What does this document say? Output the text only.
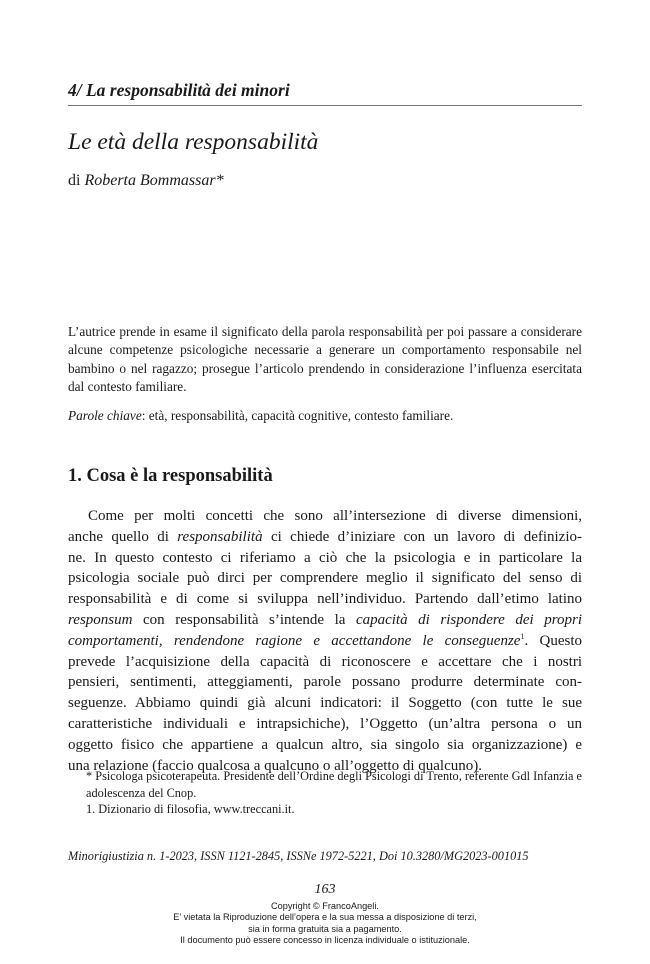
4/ La responsabilità dei minori
Le età della responsabilità
di Roberta Bommassar*
L’autrice prende in esame il significato della parola responsabilità per poi passare a considerare alcune competenze psicologiche necessarie a generare un comportamento responsabile nel bambino o nel ragazzo; prosegue l’articolo prendendo in considerazione l’influenza esercitata dal contesto familiare.
Parole chiave: età, responsabilità, capacità cognitive, contesto familiare.
1. Cosa è la responsabilità
Come per molti concetti che sono all’intersezione di diverse dimensioni,
anche quello di responsabilità ci chiede d’iniziare con un lavoro di definizio-
ne. In questo contesto ci riferiamo a ciò che la psicologia e in particolare la
psicologia sociale può dirci per comprendere meglio il significato del senso di
responsabilità e di come si sviluppa nell’individuo. Partendo dall’etimo latino
responsum con responsabilità s’intende la capacità di rispondere dei propri
comportamenti, rendendone ragione e accettandone le conseguenze$^1$. Questo
prevede l’acquisizione della capacità di riconoscere e accettare che i nostri
pensieri, sentimenti, atteggiamenti, parole possano produrre determinate con-
seguenze. Abbiamo quindi già alcuni indicatori: il Soggetto (con tutte le sue
caratteristiche individuali e intrapsichiche), l’Oggetto (un’altra persona o un
oggetto fisico che appartiene a qualcun altro, sia singolo sia organizzazione) e
una relazione (faccio qualcosa a qualcuno o all’oggetto di qualcuno).
* Psicologa psicoterapeuta. Presidente dell’Ordine degli Psicologi di Trento, referente Gdl Infanzia e adolescenza del Cnop.
1. Dizionario di filosofia, www.treccani.it.
Minorigiustizia n. 1-2023, ISSN 1121-2845, ISSNe 1972-5221, Doi 10.3280/MG2023-001015
163
Copyright © FrancoAngeli.
E’ vietata la Riproduzione dell’opera e la sua messa a disposizione di terzi,
sia in forma gratuita sia a pagamento.
Il documento può essere concesso in licenza individuale o istituzionale.
